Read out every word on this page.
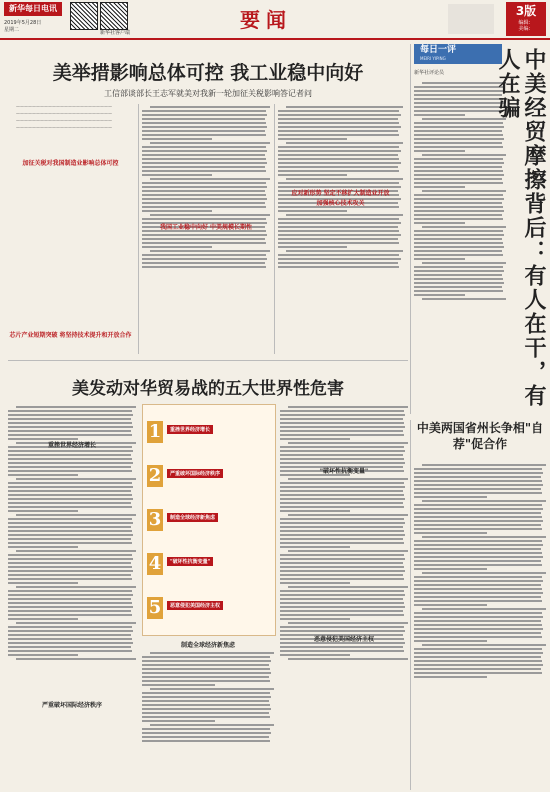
新华每日电讯
2019年5月28日
星期二	新华社客户端
要闻	3版
编辑：
美编：
美举措影响总体可控 我工业稳中向好
工信部谈部长王志军就美对我新一轮加征关税影响答记者问

————————————————————————

————————————————————————

————————————————————————

————————————————————————

加征关税对我国制造业影响总体可控
芯片产业短期突破 将坚持技术提升和开放合作
我国工业稳中向好 中美规模长期性
应对新形势 坚定不移扩大制造业开放
加强核心技术攻关
每日一评
MEIRI YIPING
新华社评论员	中美经贸摩擦背后：有人在干，有人在骗
美发动对华贸易战的五大世界性危害
重挫世界经济增长
严重破坏国际经济秩序
1	重挫世界经济增长
2	严重破坏国际经济秩序
3	制造全球经济新焦虑
4	"破坏性抗衡变量"
5	恶意侵犯美国经济主权
制造全球经济新焦虑
"破坏性抗衡变量"
恶意侵犯美国经济主权
中美两国省州长争相"自荐"促合作
